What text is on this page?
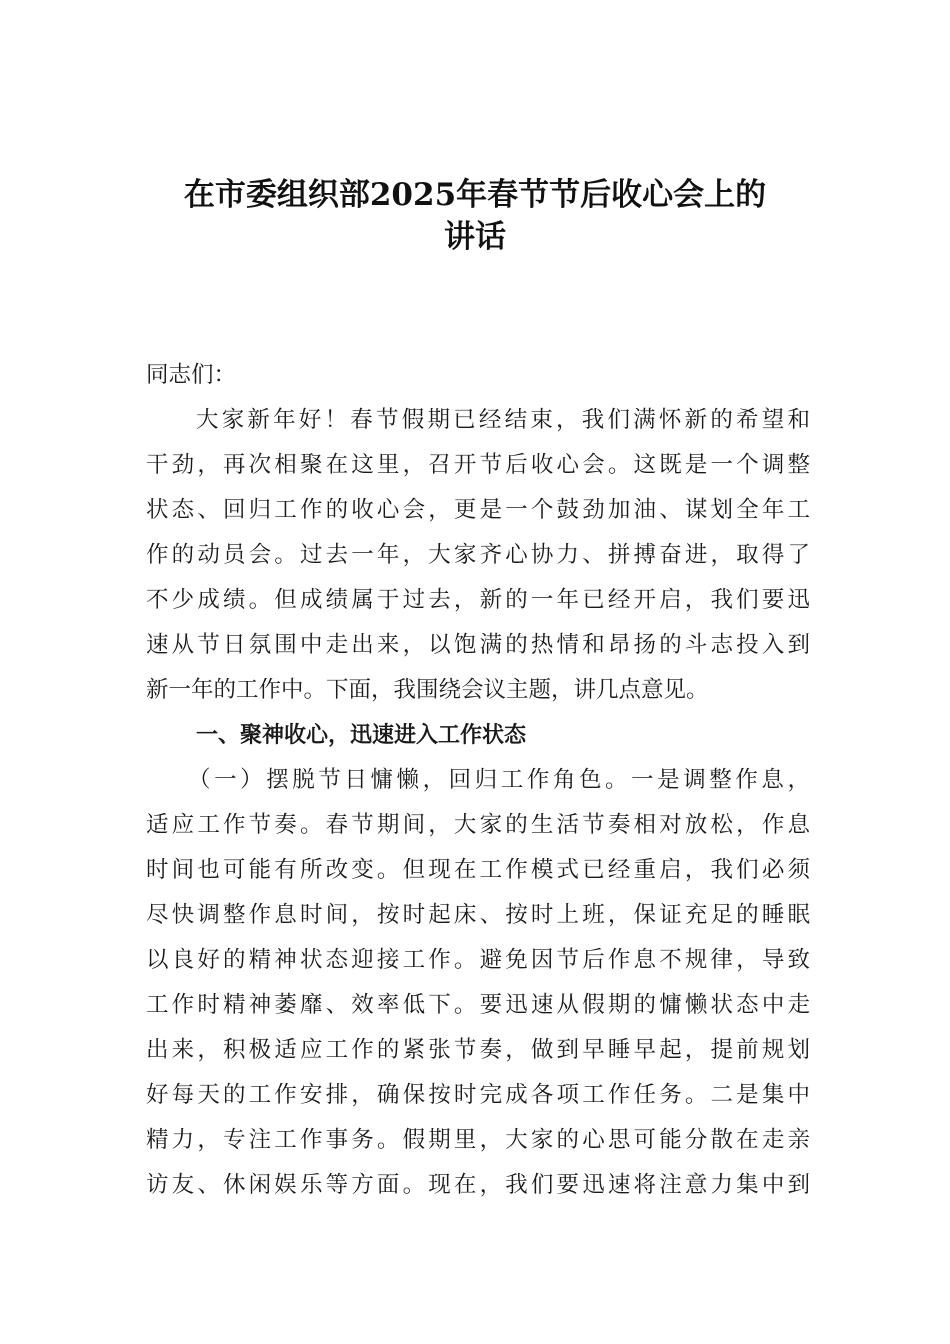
在市委组织部2025年春节节后收心会上的
讲话
同志们：
大家新年好！春节假期已经结束，我们满怀新的希望和
干劲，再次相聚在这里，召开节后收心会。这既是一个调整
状态、回归工作的收心会，更是一个鼓劲加油、谋划全年工
作的动员会。过去一年，大家齐心协力、拼搏奋进，取得了
不少成绩。但成绩属于过去，新的一年已经开启，我们要迅
速从节日氛围中走出来，以饱满的热情和昂扬的斗志投入到
新一年的工作中。下面，我围绕会议主题，讲几点意见。
一、聚神收心，迅速进入工作状态
（一）摆脱节日慵懒，回归工作角色。一是调整作息，
适应工作节奏。春节期间，大家的生活节奏相对放松，作息
时间也可能有所改变。但现在工作模式已经重启，我们必须
尽快调整作息时间，按时起床、按时上班，保证充足的睡眠
以良好的精神状态迎接工作。避免因节后作息不规律，导致
工作时精神萎靡、效率低下。要迅速从假期的慵懒状态中走
出来，积极适应工作的紧张节奏，做到早睡早起，提前规划
好每天的工作安排，确保按时完成各项工作任务。二是集中
精力，专注工作事务。假期里，大家的心思可能分散在走亲
访友、休闲娱乐等方面。现在，我们要迅速将注意力集中到
